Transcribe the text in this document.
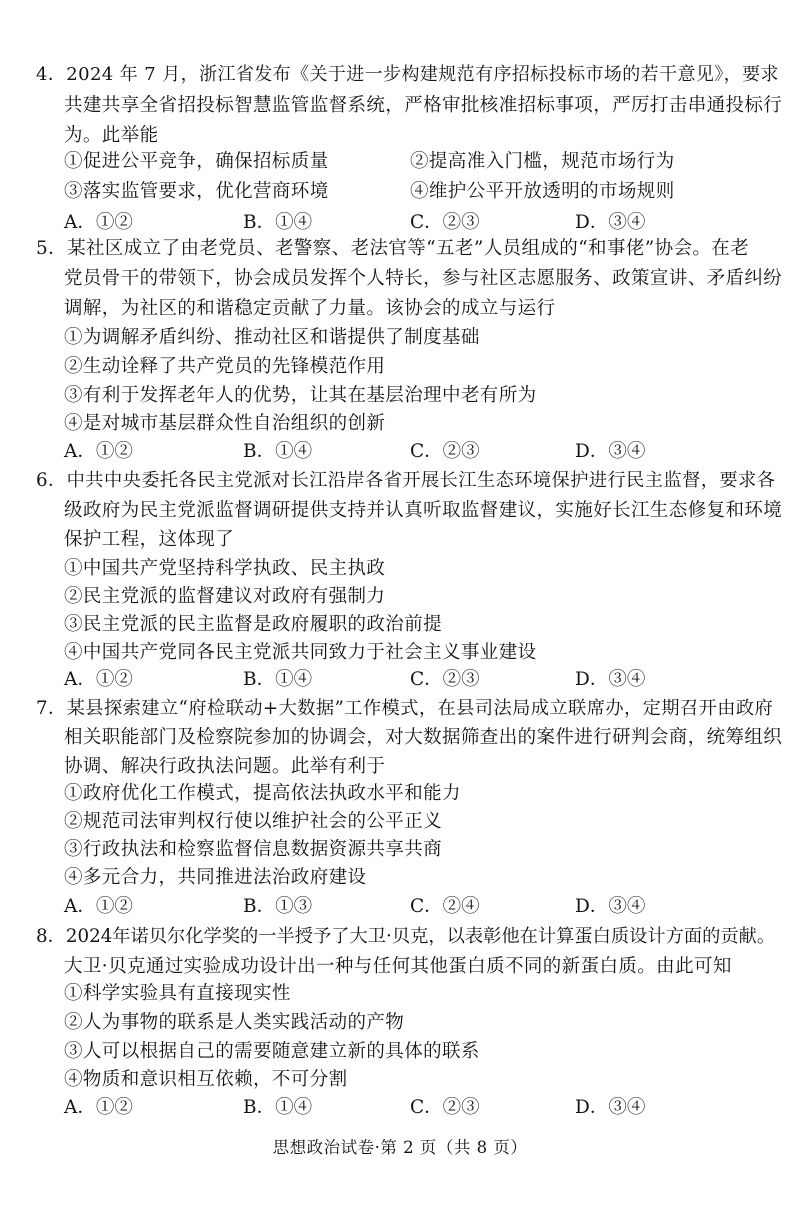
4．2024 年 7 月，浙江省发布《关于进一步构建规范有序招标投标市场的若干意见》，要求
共建共享全省招投标智慧监管监督系统，严格审批核准招标事项，严厉打击串通投标行
为。此举能
①促进公平竞争，确保招标质量	②提高准入门槛，规范市场行为
③落实监管要求，优化营商环境	④维护公平开放透明的市场规则
A．①②	B．①④	C．②③	D．③④
5．某社区成立了由老党员、老警察、老法官等“五老”人员组成的“和事佬”协会。在老
党员骨干的带领下，协会成员发挥个人特长，参与社区志愿服务、政策宣讲、矛盾纠纷
调解，为社区的和谐稳定贡献了力量。该协会的成立与运行
①为调解矛盾纠纷、推动社区和谐提供了制度基础
②生动诠释了共产党员的先锋模范作用
③有利于发挥老年人的优势，让其在基层治理中老有所为
④是对城市基层群众性自治组织的创新
A．①②	B．①④	C．②③	D．③④
6．中共中央委托各民主党派对长江沿岸各省开展长江生态环境保护进行民主监督，要求各
级政府为民主党派监督调研提供支持并认真听取监督建议，实施好长江生态修复和环境
保护工程，这体现了
①中国共产党坚持科学执政、民主执政
②民主党派的监督建议对政府有强制力
③民主党派的民主监督是政府履职的政治前提
④中国共产党同各民主党派共同致力于社会主义事业建设
A．①②	B．①④	C．②③	D．③④
7．某县探索建立“府检联动+大数据”工作模式，在县司法局成立联席办，定期召开由政府
相关职能部门及检察院参加的协调会，对大数据筛查出的案件进行研判会商，统筹组织
协调、解决行政执法问题。此举有利于
①政府优化工作模式，提高依法执政水平和能力
②规范司法审判权行使以维护社会的公平正义
③行政执法和检察监督信息数据资源共享共商
④多元合力，共同推进法治政府建设
A．①②	B．①③	C．②④	D．③④
8．2024年诺贝尔化学奖的一半授予了大卫·贝克，以表彰他在计算蛋白质设计方面的贡献。
大卫·贝克通过实验成功设计出一种与任何其他蛋白质不同的新蛋白质。由此可知
①科学实验具有直接现实性
②人为事物的联系是人类实践活动的产物
③人可以根据自己的需要随意建立新的具体的联系
④物质和意识相互依赖，不可分割
A．①②	B．①④	C．②③	D．③④
思想政治试卷·第 2 页（共 8 页）
